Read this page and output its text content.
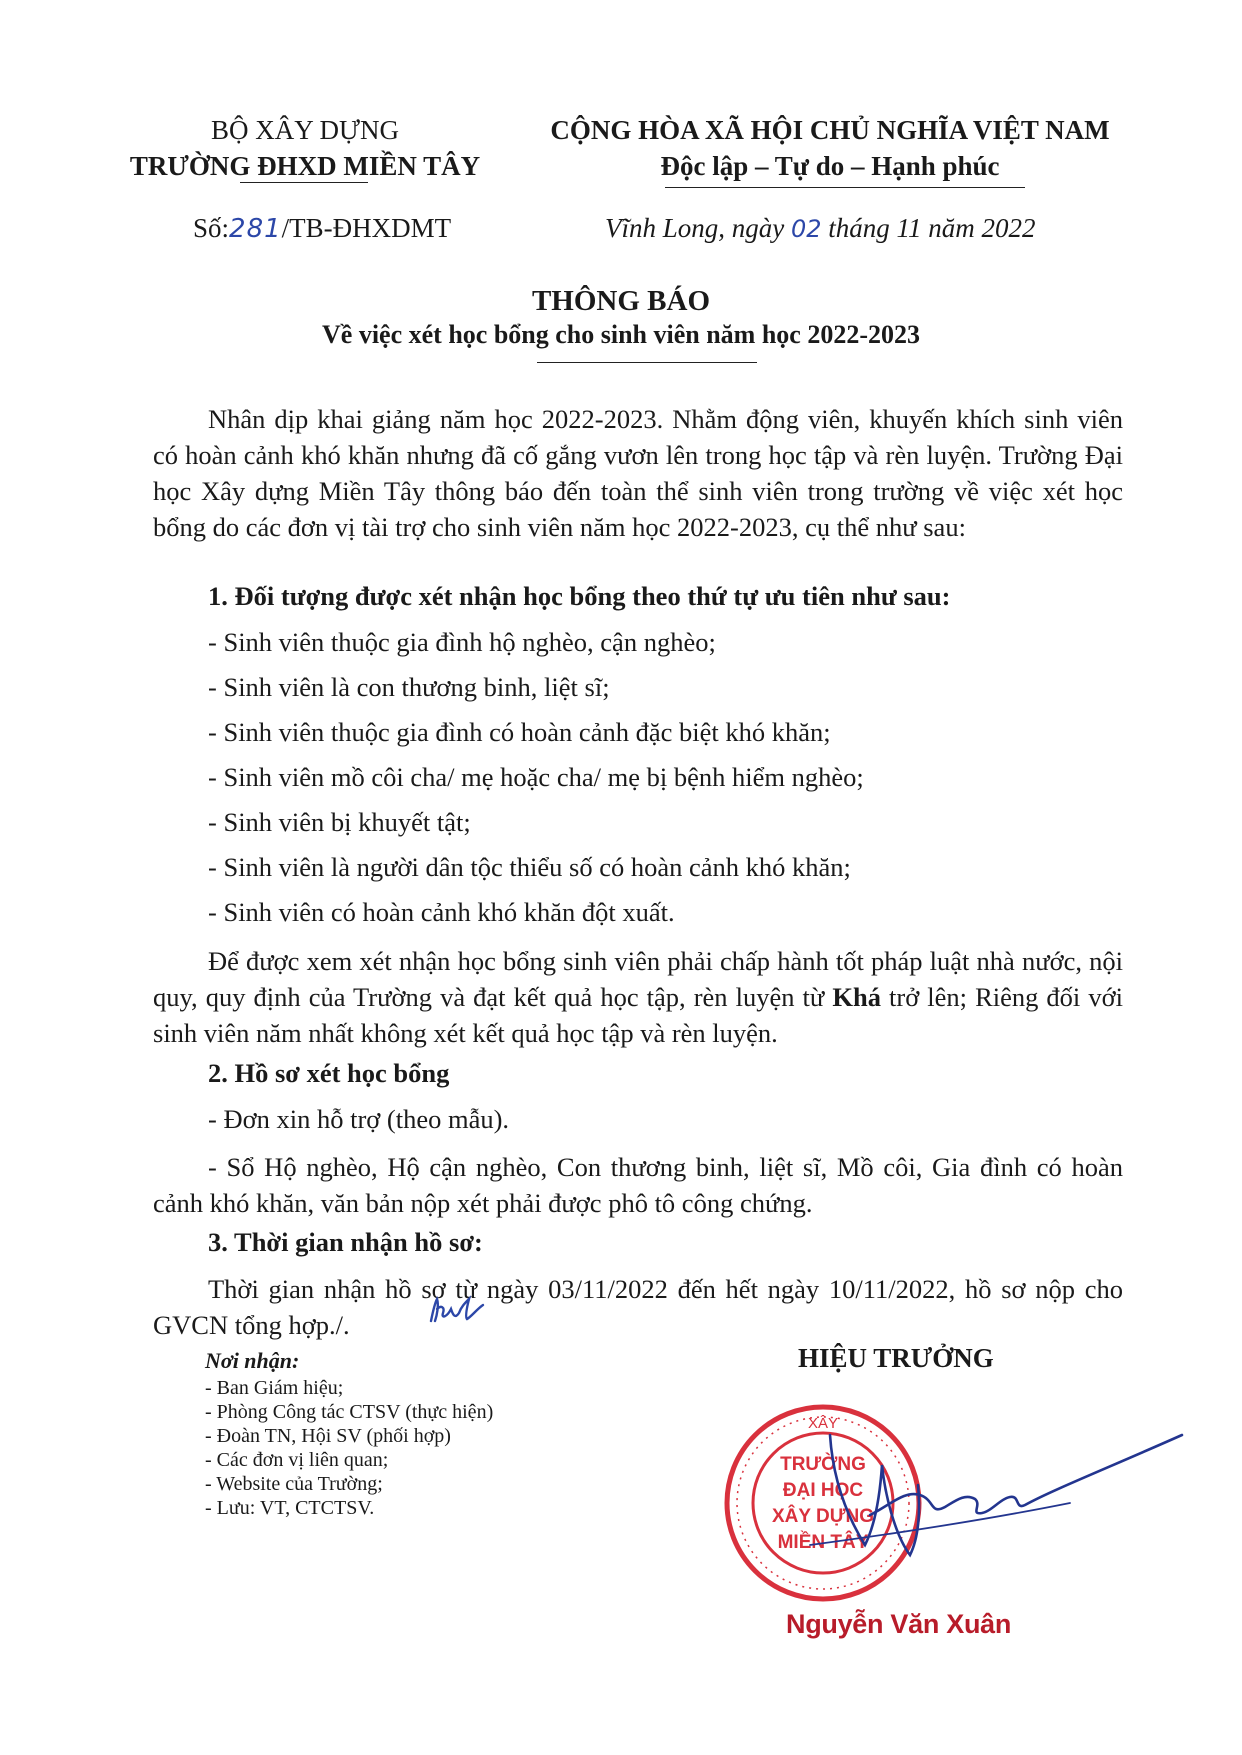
BỘ XÂY DỰNG
TRƯỜNG ĐHXD MIỀN TÂY
CỘNG HÒA XÃ HỘI CHỦ NGHĨA VIỆT NAM
Độc lập – Tự do – Hạnh phúc
Số:281/TB-ĐHXDMT	Vĩnh Long, ngày 02 tháng 11 năm 2022
THÔNG BÁO
Về việc xét học bổng cho sinh viên năm học 2022-2023
Nhân dịp khai giảng năm học 2022-2023. Nhằm động viên, khuyến khích sinh viên có hoàn cảnh khó khăn nhưng đã cố gắng vươn lên trong học tập và rèn luyện. Trường Đại học Xây dựng Miền Tây thông báo đến toàn thể sinh viên trong trường về việc xét học bổng do các đơn vị tài trợ cho sinh viên năm học 2022-2023, cụ thể như sau:
1. Đối tượng được xét nhận học bổng theo thứ tự ưu tiên như sau:
- Sinh viên thuộc gia đình hộ nghèo, cận nghèo;
- Sinh viên là con thương binh, liệt sĩ;
- Sinh viên thuộc gia đình có hoàn cảnh đặc biệt khó khăn;
- Sinh viên mồ côi cha/ mẹ hoặc cha/ mẹ bị bệnh hiểm nghèo;
- Sinh viên bị khuyết tật;
- Sinh viên là người dân tộc thiểu số có hoàn cảnh khó khăn;
- Sinh viên có hoàn cảnh khó khăn đột xuất.
Để được xem xét nhận học bổng sinh viên phải chấp hành tốt pháp luật nhà nước, nội quy, quy định của Trường và đạt kết quả học tập, rèn luyện từ Khá trở lên; Riêng đối với sinh viên năm nhất không xét kết quả học tập và rèn luyện.
2. Hồ sơ xét học bổng
- Đơn xin hỗ trợ (theo mẫu).
- Sổ Hộ nghèo, Hộ cận nghèo, Con thương binh, liệt sĩ, Mồ côi, Gia đình có hoàn cảnh khó khăn, văn bản nộp xét phải được phô tô công chứng.
3. Thời gian nhận hồ sơ:
Thời gian nhận hồ sơ từ ngày 03/11/2022 đến hết ngày 10/11/2022, hồ sơ nộp cho GVCN tổng hợp./.
Nơi nhận:
- Ban Giám hiệu;
- Phòng Công tác CTSV (thực hiện)
- Đoàn TN, Hội SV (phối hợp)
- Các đơn vị liên quan;
- Website của Trường;
- Lưu: VT, CTCTSV.
HIỆU TRƯỞNG
XÂY
TRƯỜNG
ĐẠI HỌC
XÂY DỰNG
MIỀN TÂY
Nguyễn Văn Xuân
